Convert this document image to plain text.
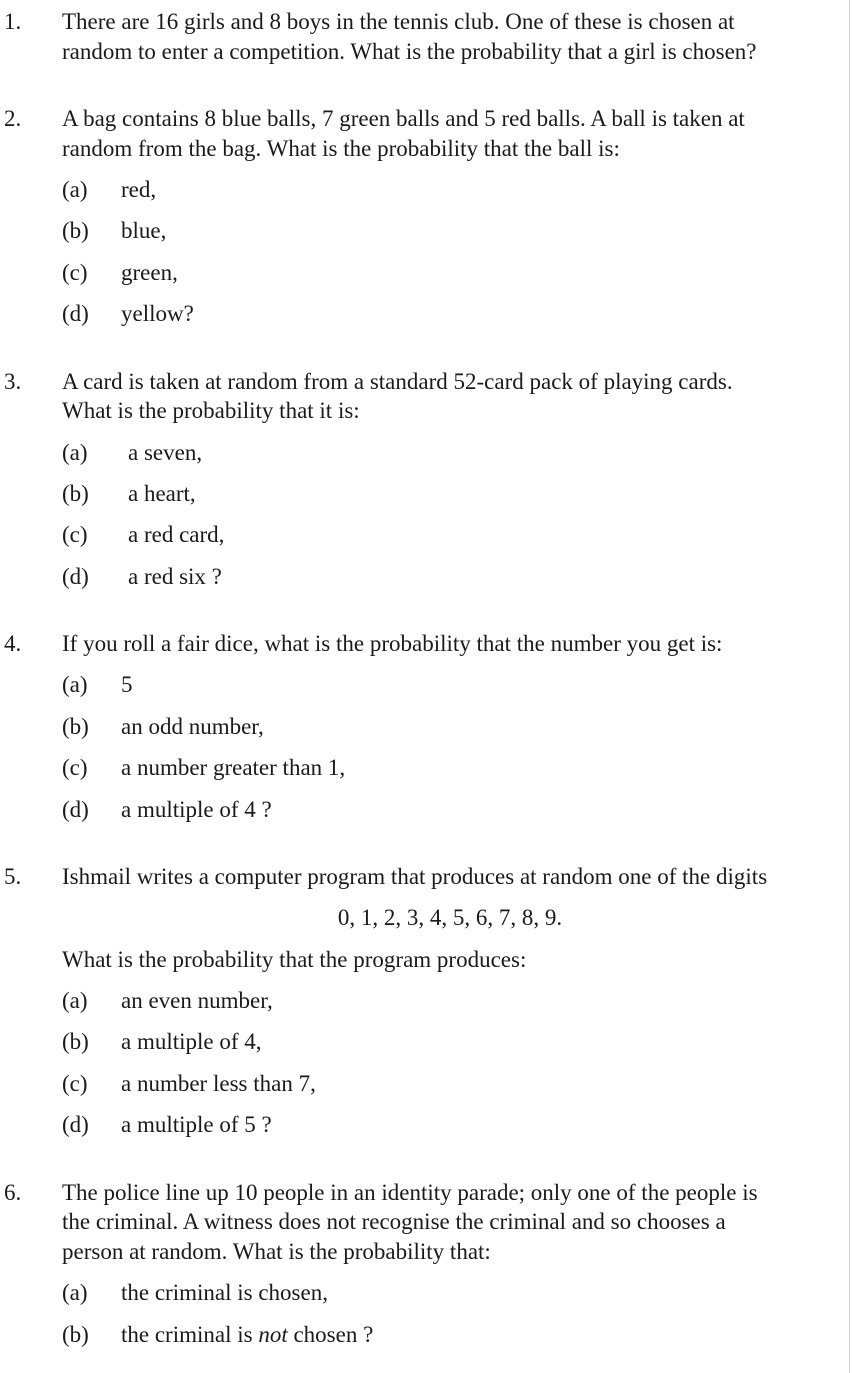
1. There are 16 girls and 8 boys in the tennis club. One of these is chosen at
random to enter a competition. What is the probability that a girl is chosen?
2. A bag contains 8 blue balls, 7 green balls and 5 red balls. A ball is taken at
random from the bag. What is the probability that the ball is:
(a) red,
(b) blue,
(c) green,
(d) yellow?
3. A card is taken at random from a standard 52-card pack of playing cards.
What is the probability that it is:
(a) a seven,
(b) a heart,
(c) a red card,
(d) a red six ?
4. If you roll a fair dice, what is the probability that the number you get is:
(a) 5
(b) an odd number,
(c) a number greater than 1,
(d) a multiple of 4 ?
5. Ishmail writes a computer program that produces at random one of the digits
0, 1, 2, 3, 4, 5, 6, 7, 8, 9.
What is the probability that the program produces:
(a) an even number,
(b) a multiple of 4,
(c) a number less than 7,
(d) a multiple of 5 ?
6. The police line up 10 people in an identity parade; only one of the people is
the criminal. A witness does not recognise the criminal and so chooses a
person at random. What is the probability that:
(a) the criminal is chosen,
(b) the criminal is not chosen ?
